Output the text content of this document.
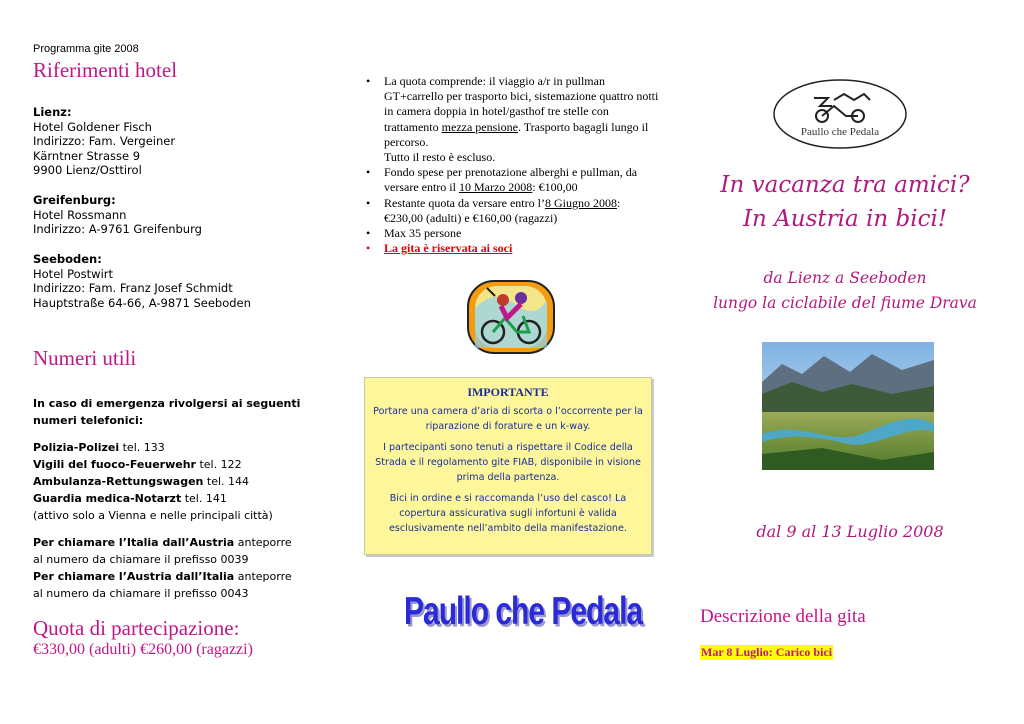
Programma gite 2008
Riferimenti hotel
Lienz:
Hotel Goldener Fisch
Indirizzo: Fam. Vergeiner
Kärntner Strasse 9
9900 Lienz/Osttirol
Greifenburg:
Hotel Rossmann
Indirizzo: A-9761 Greifenburg
Seeboden:
Hotel Postwirt
Indirizzo: Fam. Franz Josef Schmidt
Hauptstraße 64-66, A-9871 Seeboden
Numeri utili
In caso di emergenza rivolgersi ai seguenti numeri telefonici:
Polizia-Polizei tel. 133
Vigili del fuoco-Feuerwehr tel. 122
Ambulanza-Rettungswagen tel. 144
Guardia medica-Notarzt tel. 141
(attivo solo a Vienna e nelle principali città)
Per chiamare l’Italia dall’Austria anteporre
al numero da chiamare il prefisso 0039
Per chiamare l’Austria dall’Italia anteporre
al numero da chiamare il prefisso 0043
Quota di partecipazione:
€330,00 (adulti) €260,00 (ragazzi)
• La quota comprende: il viaggio a/r in pullman GT+carrello per trasporto bici, sistemazione quattro notti in camera doppia in hotel/gasthof tre stelle con trattamento mezza pensione. Trasporto bagagli lungo il percorso.
Tutto il resto è escluso.
• Fondo spese per prenotazione alberghi e pullman, da versare entro il 10 Marzo 2008: €100,00
• Restante quota da versare entro l’8 Giugno 2008: €230,00 (adulti) e €160,00 (ragazzi)
• Max 35 persone
• La gita è riservata ai soci
IMPORTANTE

Portare una camera d’aria di scorta o l’occorrente per la riparazione di forature e un k-way.

I partecipanti sono tenuti a rispettare il Codice della Strada e il regolamento gite FIAB, disponibile in visione prima della partenza.

Bici in ordine e si raccomanda l’uso del casco! La copertura assicurativa sugli infortuni è valida esclusivamente nell’ambito della manifestazione.

Paullo che Pedala
Paullo che Pedala
In vacanza tra amici?
In Austria in bici!
da Lienz a Seeboden
lungo la ciclabile del fiume Drava
dal 9 al 13 Luglio 2008
Descrizione della gita
Mar 8 Luglio: Carico bici
